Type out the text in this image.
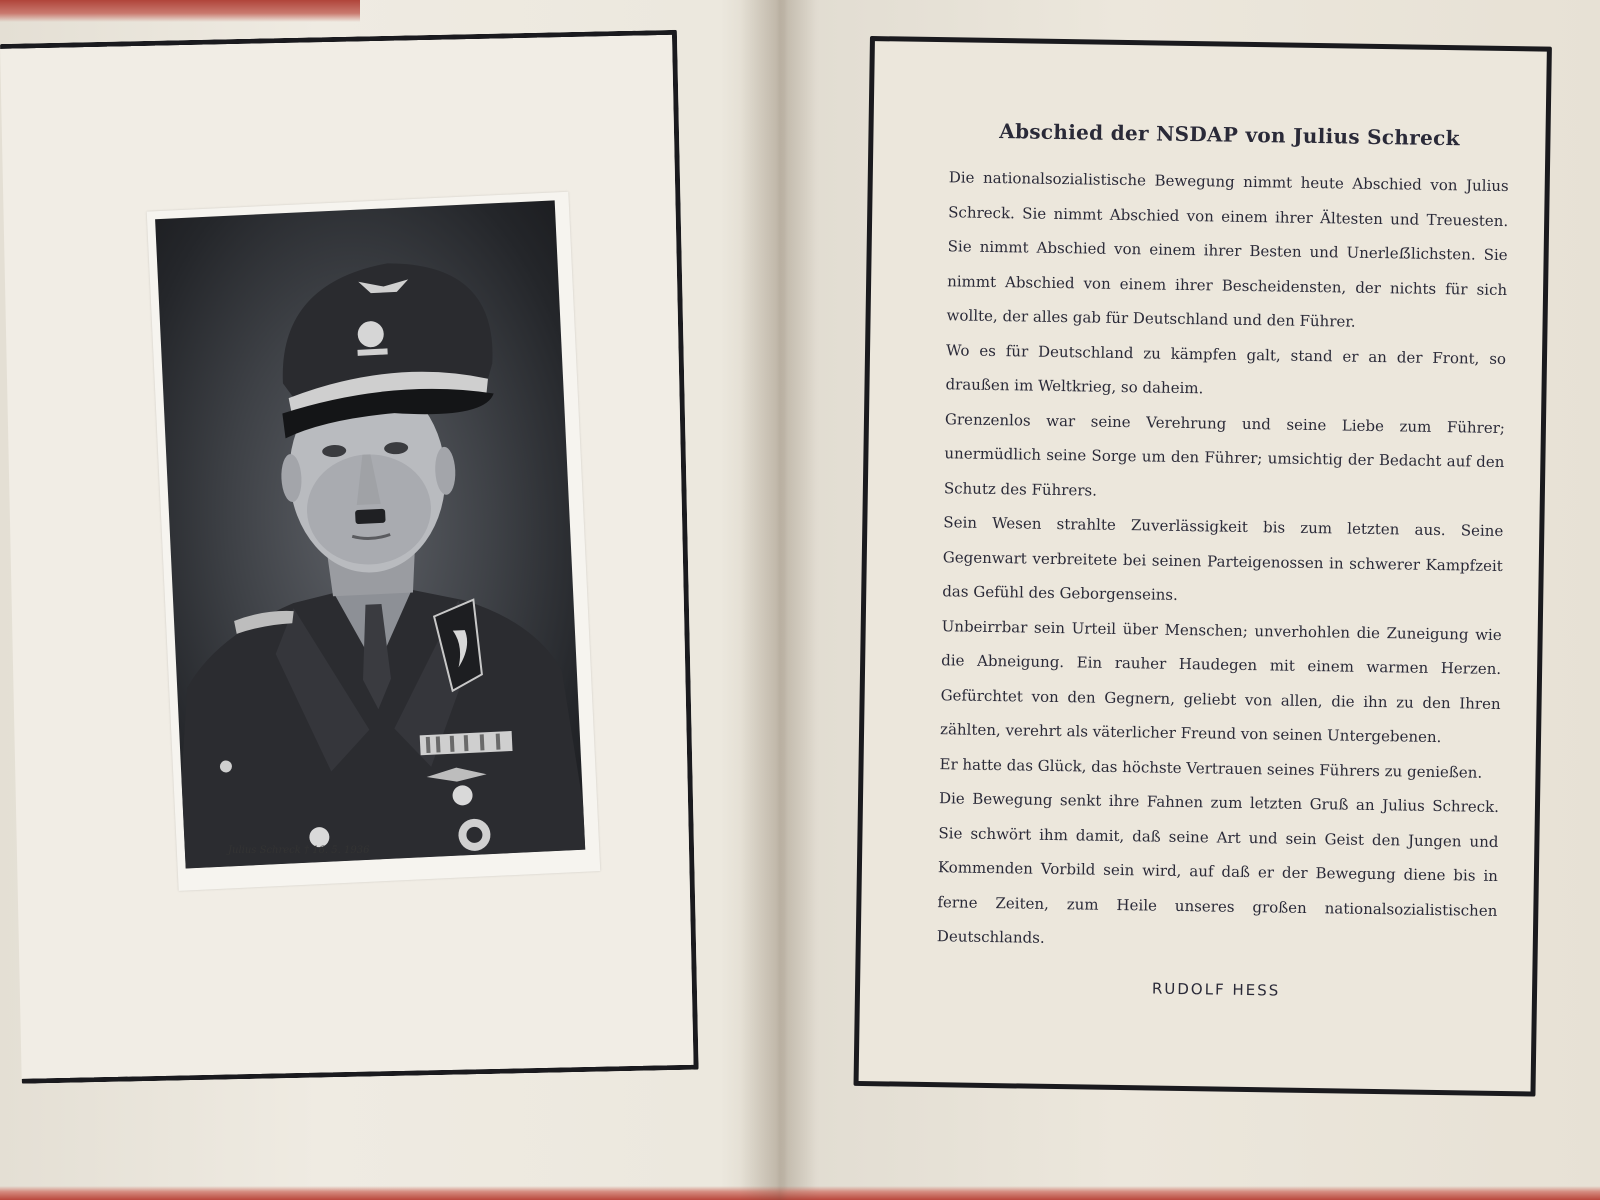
Julius Schreck † 16. 5. 1936
Abschied der NSDAP von Julius Schreck

Die nationalsozialistische Bewegung nimmt heute Abschied von Julius Schreck. Sie nimmt Abschied von einem ihrer Ältesten und Treuesten. Sie nimmt Abschied von einem ihrer Besten und Unerleẞlichsten. Sie nimmt Abschied von einem ihrer Bescheidensten, der nichts für sich wollte, der alles gab für Deutschland und den Führer.

Wo es für Deutschland zu kämpfen galt, stand er an der Front, so draußen im Weltkrieg, so daheim.

Grenzenlos war seine Verehrung und seine Liebe zum Führer; unermüdlich seine Sorge um den Führer; umsichtig der Bedacht auf den Schutz des Führers.

Sein Wesen strahlte Zuverlässigkeit bis zum letzten aus. Seine Gegenwart verbreitete bei seinen Parteigenossen in schwerer Kampfzeit das Gefühl des Geborgenseins.

Unbeirrbar sein Urteil über Menschen; unverhohlen die Zuneigung wie die Abneigung. Ein rauher Haudegen mit einem warmen Herzen. Gefürchtet von den Gegnern, geliebt von allen, die ihn zu den Ihren zählten, verehrt als väterlicher Freund von seinen Untergebenen.

Er hatte das Glück, das höchste Vertrauen seines Führers zu genießen.

Die Bewegung senkt ihre Fahnen zum letzten Gruß an Julius Schreck. Sie schwört ihm damit, daß seine Art und sein Geist den Jungen und Kommenden Vorbild sein wird, auf daß er der Bewegung diene bis in ferne Zeiten, zum Heile unseres großen nationalsozialistischen Deutschlands.

RUDOLF HESS
